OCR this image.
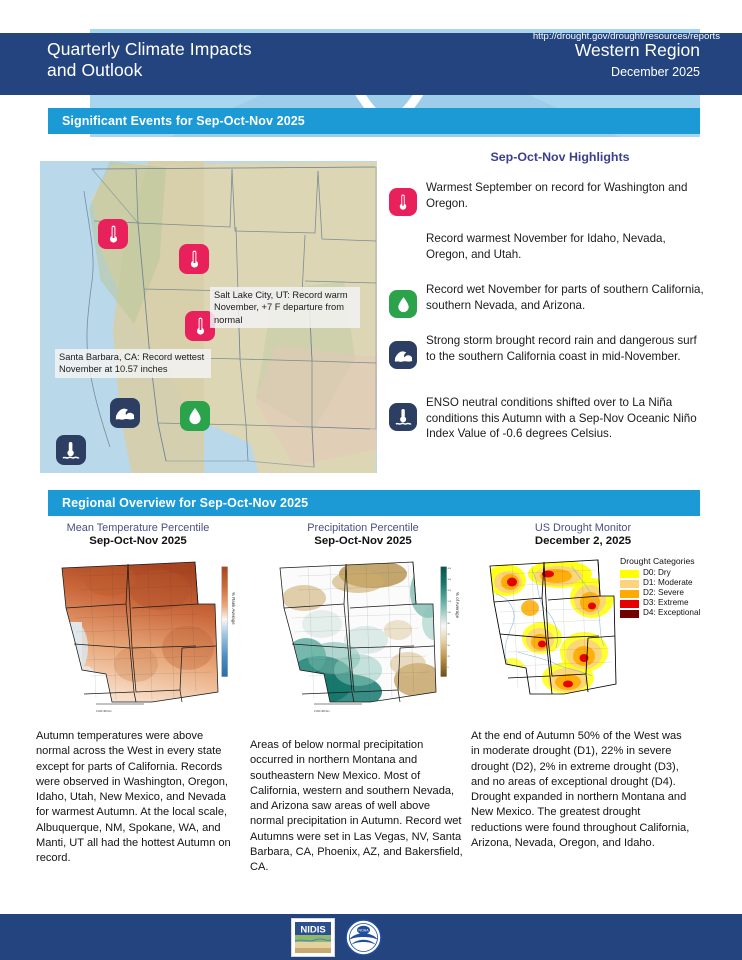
Quarterly Climate Impacts
and Outlook
Western Region
December 2025
Significant Events for Sep-Oct-Nov 2025
Salt Lake City, UT: Record warm November, +7 F departure from normal
Santa Barbara, CA: Record wettest November at 10.57 inches
Sep-Oct-Nov Highlights
Warmest September on record for Washington and Oregon.
Record warmest November for Idaho, Nevada, Oregon, and Utah.
Record wet November for parts of southern California, southern Nevada, and Arizona.
Strong storm brought record rain and dangerous surf to the southern California coast in mid-November.
ENSO neutral conditions shifted over to La Niña conditions this Autumn with a Sep-Nov Oceanic Niño Index Value of -0.6 degrees Celsius.
Regional Overview for Sep-Oct-Nov 2025
Mean Temperature Percentile
Sep-Oct-Nov 2025
Precipitation Percentile
Sep-Oct-Nov 2025
US Drought Monitor
December 2, 2025
0 200 400 km
% Rank Average
0 200 400 km
400
300
200
150
110
90
70
50
25
5
% of Average
Drought Categories
D0: Dry
D1: Moderate
D2: Severe
D3: Extreme
D4: Exceptional
Autumn temperatures were above normal across the West in every state except for parts of California. Records were observed in Washington, Oregon, Idaho, Utah, New Mexico, and Nevada for warmest Autumn. At the local scale, Albuquerque, NM, Spokane, WA, and Manti, UT all had the hottest Autumn on record.
Areas of below normal precipitation occurred in northern Montana and southeastern New Mexico. Most of California, western and southern Nevada, and Arizona saw areas of well above normal precipitation in Autumn. Record wet Autumns were set in Las Vegas, NV, Santa Barbara, CA, Phoenix, AZ, and Bakersfield, CA.
At the end of Autumn 50% of the West was in moderate drought (D1), 22% in severe drought (D2), 2% in extreme drought (D3), and no areas of exceptional drought (D4). Drought expanded in northern Montana and New Mexico. The greatest drought reductions were found throughout California, Arizona, Nevada, Oregon, and Idaho.
Contacts: D. McEvoy (mcevoyd@dri.edu)
NIDIS	NOAA
Western Region Quarterly Impacts and Outlook | December 2025
http://drought.gov/drought/resources/reports
